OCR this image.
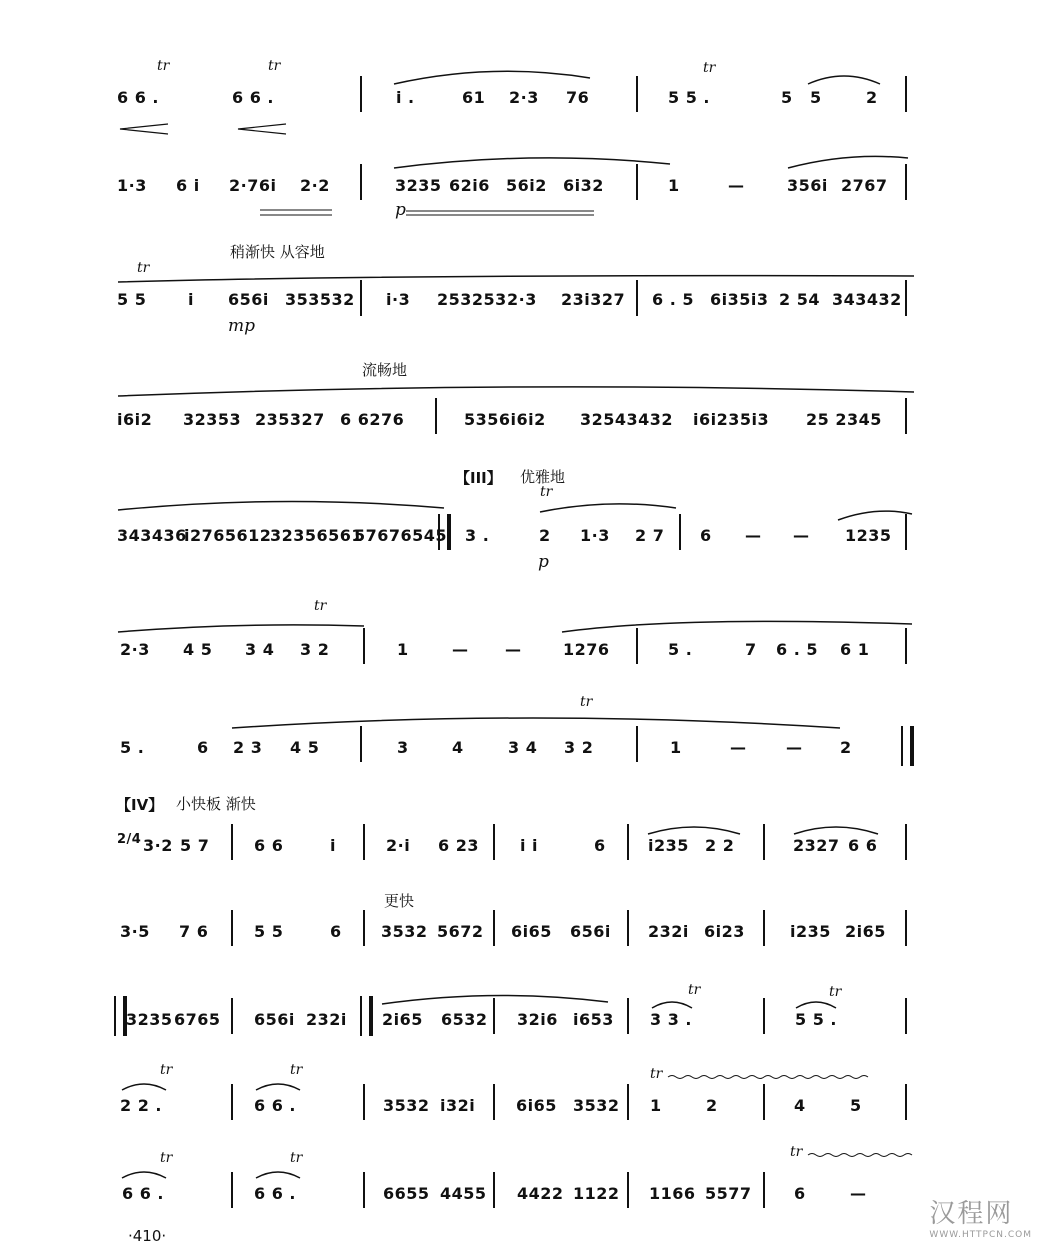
tr	tr
6 6 .	6 6 .	i .	61 2·3 76
tr
5 5 .	5 5	2
1·3 6 i 2·76i 2·2	3235 62i6 56i2 6i32	1	—	356i 2767
p
稍渐快 从容地
tr
5 5	i 656i 353532 i·3 253253 2·3 23i327 6 . 5 6i35i3 2 54 343432
mp
流畅地
i6i2 32353 235327 6 6276	5356i6i2 32543432 i6i235i3 25 2345
【III】 优雅地
tr
343436
i2765612
32356561
57676545 3 .	2 1·3 2 7 6 — — 1235
p
tr
2·3 4 5 3 4 3 2	1	— —	1276	5 .	7 6 . 5 6 1
tr
5 .	6 2 3 4 5	3	4	3 4 3 2	1	— — 2
【IV】 小快板 渐快
2/4 3·2 5 7	6 6	i	2·i 6 23	i i	6	i235 2 2	2327 6 6
更快
3·5 7 6	5 5	6 3532 5672 6i65 656i 232i 6i23	i235 2i65
tr	tr
3235 6765 656i 232i 2i65 6532 32i6 i653 3 3 .	5 5 .
tr	tr	tr
2 2 .	6 6 .	3532 i32i	6i65 3532 1	2	4	5
tr	tr	tr
6 6 .	6 6 .	6655 4455 4422 1122 1166 5577	6	—
·410·
汉程网
WWW.HTTPCN.COM
